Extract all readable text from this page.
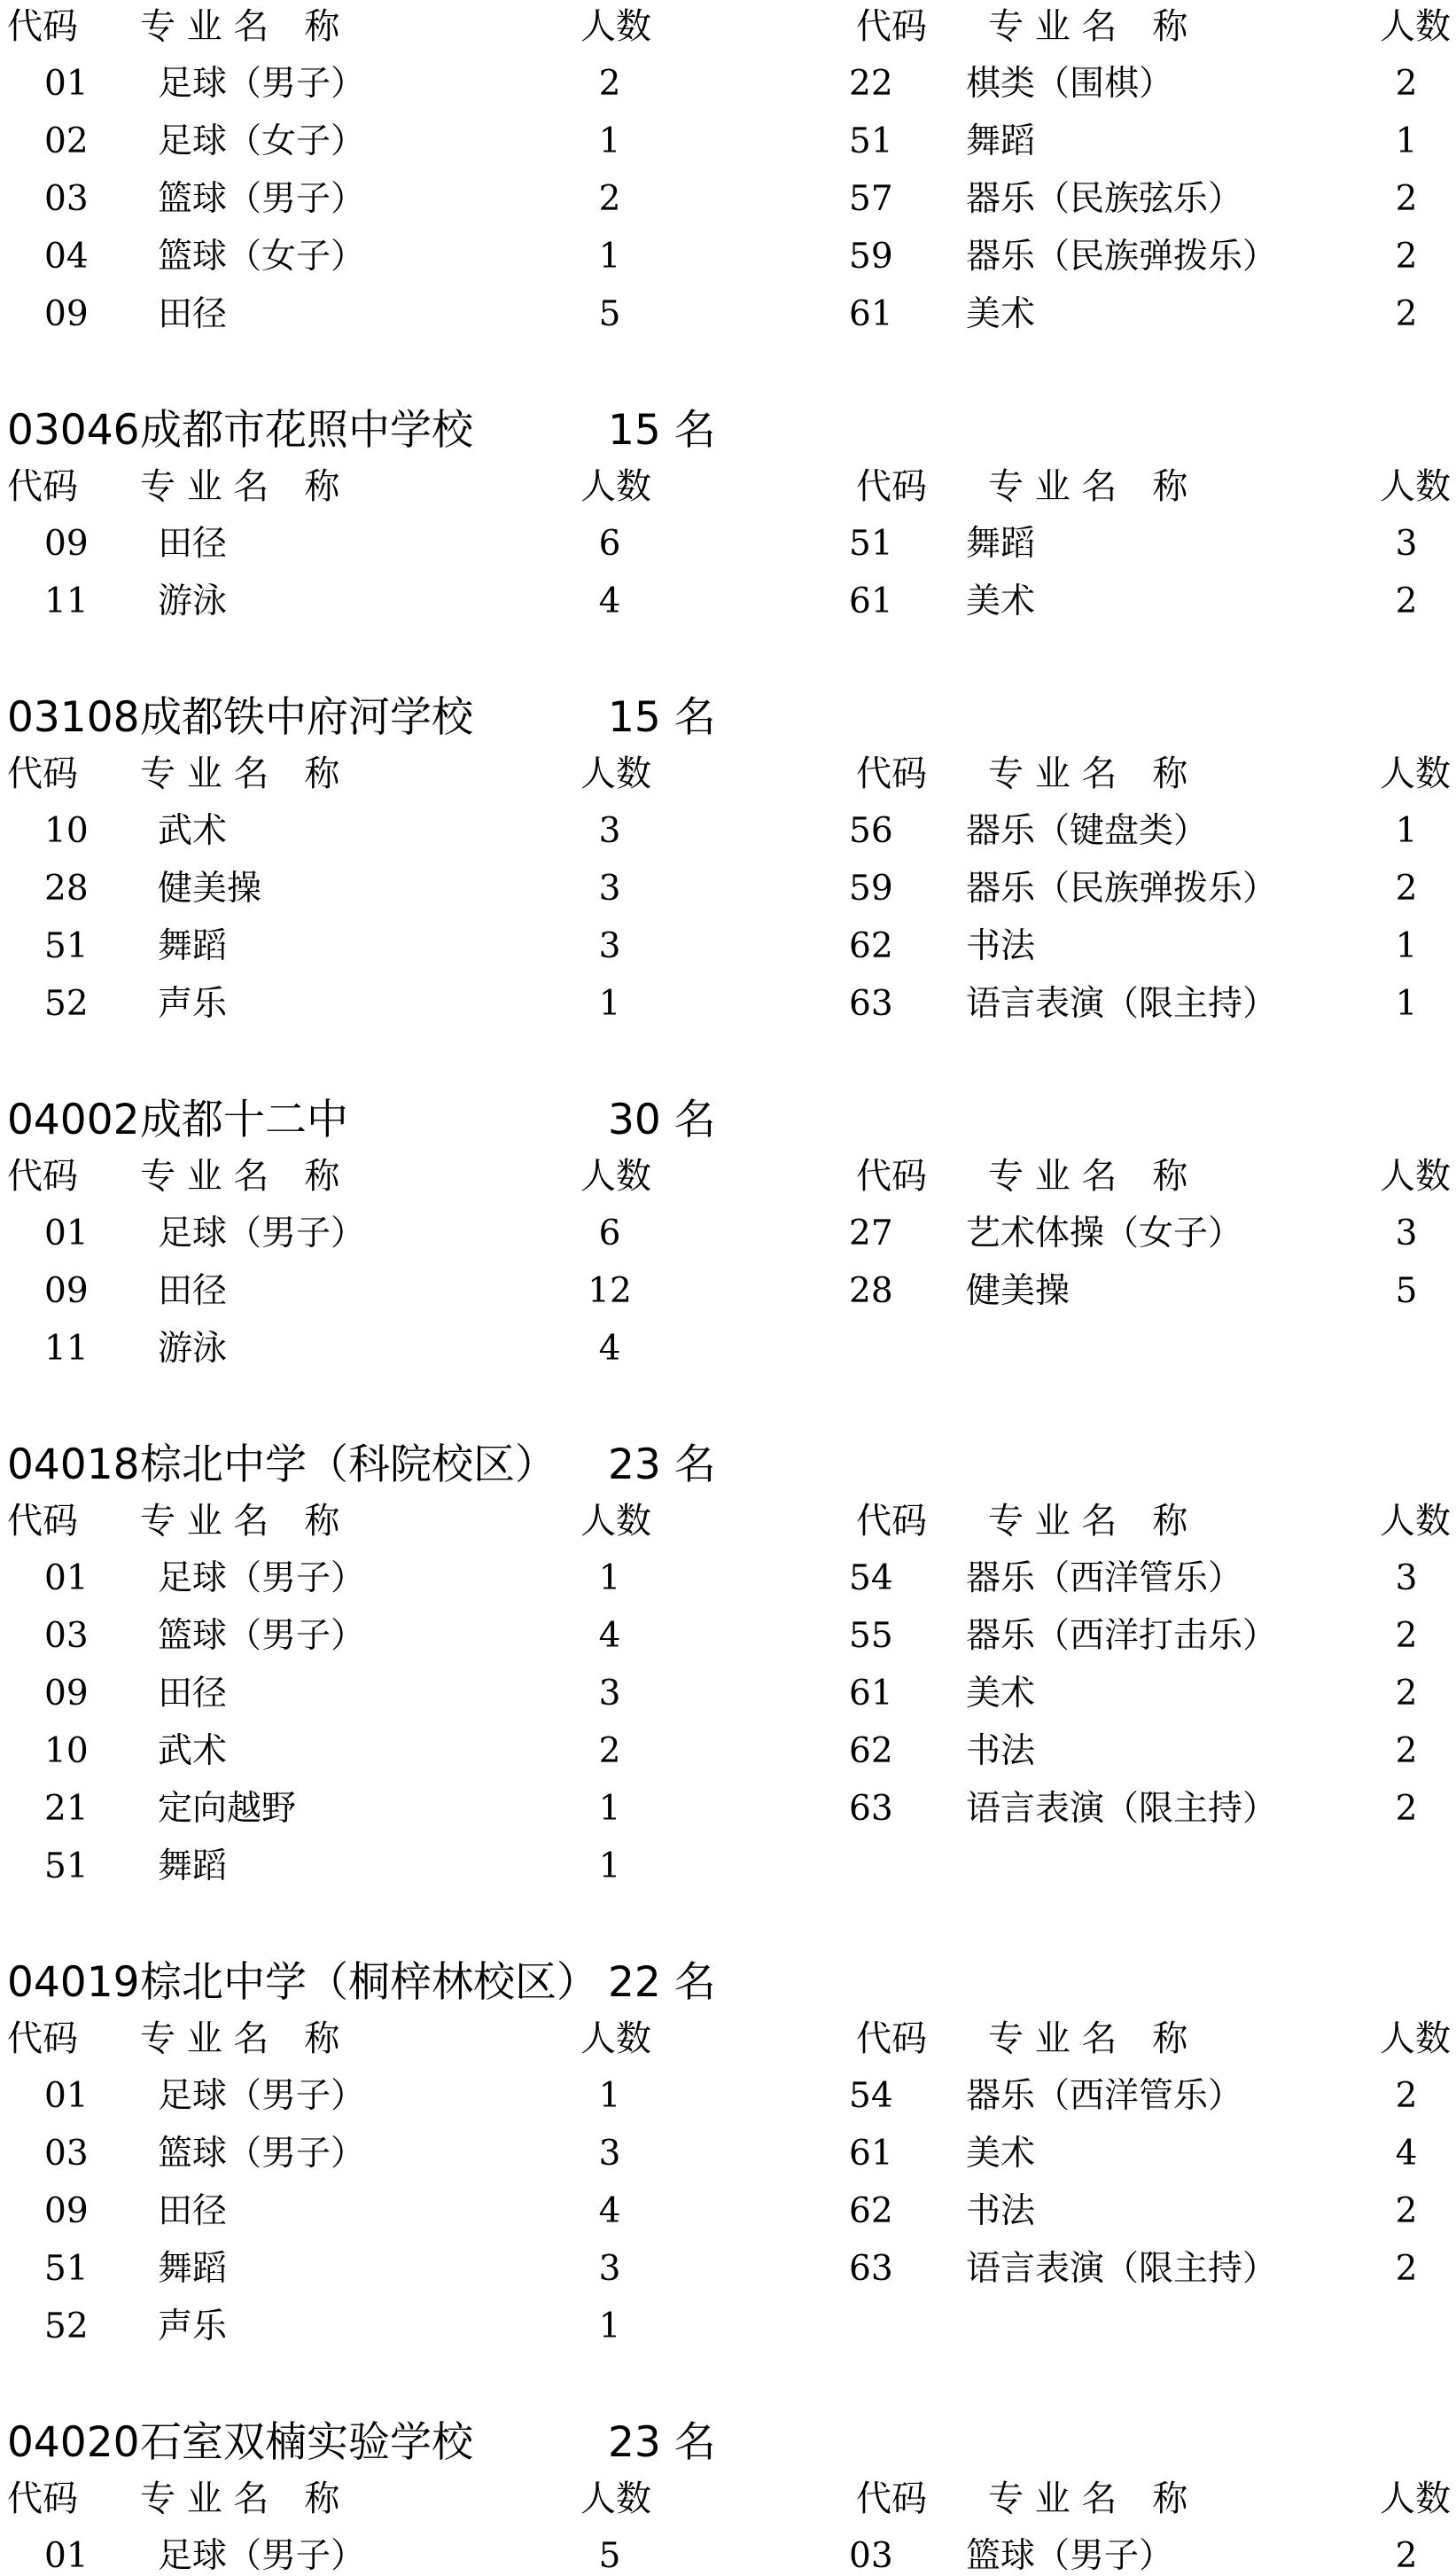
代码 专 业 名　称	人数	代码 专 业 名　称	人数
01 足球（男子）	2	22 棋类（围棋）	2
02 足球（女子）	1	51 舞蹈	1
03 篮球（男子）	2	57 器乐（民族弦乐）	2
04 篮球（女子）	1	59 器乐（民族弹拨乐）	2
09 田径	5	61 美术	2
03046 成都市花照中学校	15 名
代码 专 业 名　称	人数	代码 专 业 名　称	人数
09 田径	6	51 舞蹈	3
11 游泳	4	61 美术	2
03108 成都铁中府河学校	15 名
代码 专 业 名　称	人数	代码 专 业 名　称	人数
10 武术	3	56 器乐（键盘类）	1
28 健美操	3	59 器乐（民族弹拨乐）	2
51 舞蹈	3	62 书法	1
52 声乐	1	63 语言表演（限主持）	1
04002 成都十二中	30 名
代码 专 业 名　称	人数	代码 专 业 名　称	人数
01 足球（男子）	6	27 艺术体操（女子）	3
09 田径	12	28 健美操	5
11 游泳	4
04018 棕北中学（科院校区） 23 名
代码 专 业 名　称	人数	代码 专 业 名　称	人数
01 足球（男子）	1	54 器乐（西洋管乐）	3
03 篮球（男子）	4	55 器乐（西洋打击乐）	2
09 田径	3	61 美术	2
10 武术	2	62 书法	2
21 定向越野	1	63 语言表演（限主持）	2
51 舞蹈	1
04019 棕北中学（桐梓林校区） 22 名
代码 专 业 名　称	人数	代码 专 业 名　称	人数
01 足球（男子）	1	54 器乐（西洋管乐）	2
03 篮球（男子）	3	61 美术	4
09 田径	4	62 书法	2
51 舞蹈	3	63 语言表演（限主持）	2
52 声乐	1
04020 石室双楠实验学校	23 名
代码 专 业 名　称	人数	代码 专 业 名　称	人数
01 足球（男子）	5	03 篮球（男子）	2
